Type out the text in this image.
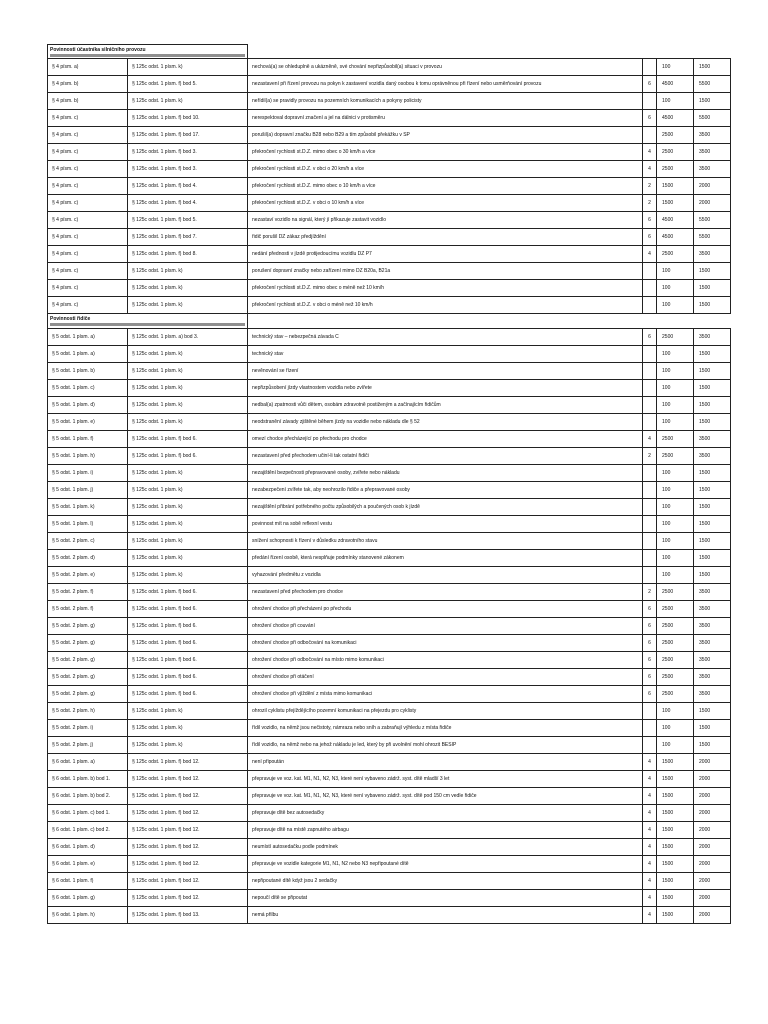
Povinnosti účastníka silničního provozu					

§ 4 písm. a)	§ 125c odst. 1 písm. k)	nechová(a) se ohleduplně a ukázněně, své chování nepřizpůsobil(a) situaci v provozu		100	1500
§ 4 písm. b)	§ 125c odst. 1 písm. f) bod 5.	nezastavení při řízení provozu na pokyn k zastavení vozidla daný osobou k tomu oprávněnou při řízení nebo usměrňování provozu	6	4500	5500
§ 4 písm. b)	§ 125c odst. 1 písm. k)	neřídil(a) se pravidly provozu na pozemních komunikacích a pokyny policisty		100	1500
§ 4 písm. c)	§ 125c odst. 1 písm. f) bod 10.	nerespektoval dopravní značení a jel na dálnici v protisměru	6	4500	5500
§ 4 písm. c)	§ 125c odst. 1 písm. f) bod 17.	porušil(a) dopravní značku B28 nebo B29 a tím způsobil překážku v SP		2500	3500
§ 4 písm. c)	§ 125c odst. 1 písm. f) bod 3.	překročení rychlosti st.D.Z. mimo obec o 30 km/h a více	4	2500	3500
§ 4 písm. c)	§ 125c odst. 1 písm. f) bod 3.	překročení rychlosti st.D.Z. v obci o 20 km/h a více	4	2500	3500
§ 4 písm. c)	§ 125c odst. 1 písm. f) bod 4.	překročení rychlosti st.D.Z. mimo obec o 10 km/h a více	2	1500	2000
§ 4 písm. c)	§ 125c odst. 1 písm. f) bod 4.	překročení rychlosti st.D.Z. v obci o 10 km/h a více	2	1500	2000
§ 4 písm. c)	§ 125c odst. 1 písm. f) bod 5.	nezastaví vozidlo na signál, který jí přikazuje zastavit vozidlo	6	4500	5500
§ 4 písm. c)	§ 125c odst. 1 písm. f) bod 7.	řidič porušil DZ zákaz předjíždění	6	4500	5500
§ 4 písm. c)	§ 125c odst. 1 písm. f) bod 8.	nedání přednosti v jízdě protijedoucímu vozidlu DZ P7	4	2500	3500
§ 4 písm. c)	§ 125c odst. 1 písm. k)	porušení dopravní značky nebo zařízení mimo DZ B20a, B21a		100	1500
§ 4 písm. c)	§ 125c odst. 1 písm. k)	překročení rychlosti st.D.Z. mimo obec o méně než 10 km/h		100	1500
§ 4 písm. c)	§ 125c odst. 1 písm. k)	překročení rychlosti st.D.Z. v obci o méně než 10 km/h		100	1500

Povinnosti řidiče					

§ 5 odst. 1 písm. a)	§ 125c odst. 1 písm. a) bod 3.	technický stav – nebezpečná závada C	6	2500	3500
§ 5 odst. 1 písm. a)	§ 125c odst. 1 písm. k)	technický stav		100	1500
§ 5 odst. 1 písm. b)	§ 125c odst. 1 písm. k)	nevěnování se řízení		100	1500
§ 5 odst. 1 písm. c)	§ 125c odst. 1 písm. k)	nepřizpůsobení jízdy vlastnostem vozidla nebo zvířete		100	1500
§ 5 odst. 1 písm. d)	§ 125c odst. 1 písm. k)	nedbal(a) zpatrnosti vůči dětem, osobám zdravotně postiženým a začínajícím řidičům		100	1500
§ 5 odst. 1 písm. e)	§ 125c odst. 1 písm. k)	neodstranění závady zjištěné během jízdy na vozidle nebo nákladu dle § 52		100	1500
§ 5 odst. 1 písm. f)	§ 125c odst. 1 písm. f) bod 6.	omezí chodce přecházející po přechodu pro chodce	4	2500	3500
§ 5 odst. 1 písm. h)	§ 125c odst. 1 písm. f) bod 6.	nezastavení před přechodem učiní-li tak ostatní řidiči	2	2500	3500
§ 5 odst. 1 písm. i)	§ 125c odst. 1 písm. k)	nezajištění bezpečnosti přepravované osoby, zvířete nebo nákladu		100	1500
§ 5 odst. 1 písm. j)	§ 125c odst. 1 písm. k)	nezabezpečení zvířete tak, aby neohrozilo řidiče a přepravované osoby		100	1500
§ 5 odst. 1 písm. k)	§ 125c odst. 1 písm. k)	nezajištění přibrání potřebného počtu způsobilých a poučených osob k jízdě		100	1500
§ 5 odst. 1 písm. l)	§ 125c odst. 1 písm. k)	povinnost mít na sobě reflexní vestu		100	1500
§ 5 odst. 2 písm. c)	§ 125c odst. 1 písm. k)	snížení schopnosti k řízení v důsledku zdravotního stavu		100	1500
§ 5 odst. 2 písm. d)	§ 125c odst. 1 písm. k)	předání řízení osobě, která nesplňuje podmínky stanovené zákonem		100	1500
§ 5 odst. 2 písm. e)	§ 125c odst. 1 písm. k)	vyhazování předmětu z vozidla		100	1500
§ 5 odst. 2 písm. f)	§ 125c odst. 1 písm. f) bod 6.	nezastavení před přechodem pro chodce	2	2500	3500
§ 5 odst. 2 písm. f)	§ 125c odst. 1 písm. f) bod 6.	ohrožení chodce při přecházení po přechodu	6	2500	3500
§ 5 odst. 2 písm. g)	§ 125c odst. 1 písm. f) bod 6.	ohrožení chodce při couvání	6	2500	3500
§ 5 odst. 2 písm. g)	§ 125c odst. 1 písm. f) bod 6.	ohrožení chodce při odbočování na komunikaci	6	2500	3500
§ 5 odst. 2 písm. g)	§ 125c odst. 1 písm. f) bod 6.	ohrožení chodce při odbočování na místo mimo komunikaci	6	2500	3500
§ 5 odst. 2 písm. g)	§ 125c odst. 1 písm. f) bod 6.	ohrožení chodce při otáčení	6	2500	3500
§ 5 odst. 2 písm. g)	§ 125c odst. 1 písm. f) bod 6.	ohrožení chodce při vjíždění z místa mimo komunikaci	6	2500	3500
§ 5 odst. 2 písm. h)	§ 125c odst. 1 písm. k)	ohrozil cyklistu přejíždějícího pozemní komunikaci na přejezdu pro cyklisty		100	1500
§ 5 odst. 2 písm. i)	§ 125c odst. 1 písm. k)	řídil vozidlo, na němž jsou nečistoty, námraza nebo sníh a zabraňují výhledu z místa řidiče		100	1500
§ 5 odst. 2 písm. j)	§ 125c odst. 1 písm. k)	řídil vozidlo, na němž nebo na jehož nákladu je led, který by při uvolnění mohl ohrozit BESIP		100	1500
§ 6 odst. 1 písm. a)	§ 125c odst. 1 písm. f) bod 12.	není připoután	4	1500	2000
§ 6 odst. 1 písm. b) bod 1.	§ 125c odst. 1 písm. f) bod 12.	přepravuje ve voz. kat. M1, N1, N2, N3, které není vybaveno zádrž. syst. dítě mladší 3 let	4	1500	2000
§ 6 odst. 1 písm. b) bod 2.	§ 125c odst. 1 písm. f) bod 12.	přepravuje ve voz. kat. M1, N1, N2, N3, které není vybaveno zádrž. syst. dítě pod 150 cm vedle řidiče	4	1500	2000
§ 6 odst. 1 písm. c) bod 1.	§ 125c odst. 1 písm. f) bod 12.	přepravuje dítě bez autosedačky	4	1500	2000
§ 6 odst. 1 písm. c) bod 2.	§ 125c odst. 1 písm. f) bod 12.	přepravuje dítě na místě zapnutého airbagu	4	1500	2000
§ 6 odst. 1 písm. d)	§ 125c odst. 1 písm. f) bod 12.	neumístí autosedačku podle podmínek	4	1500	2000
§ 6 odst. 1 písm. e)	§ 125c odst. 1 písm. f) bod 12.	přepravuje ve vozidle kategorie M1, N1, N2 nebo N3 nepřipoutané dítě	4	1500	2000
§ 6 odst. 1 písm. f)	§ 125c odst. 1 písm. f) bod 12.	nepřipoutané dítě když jsou 2 sedačky	4	1500	2000
§ 6 odst. 1 písm. g)	§ 125c odst. 1 písm. f) bod 12.	nepoučí dítě se připoutat	4	1500	2000
§ 6 odst. 1 písm. h)	§ 125c odst. 1 písm. f) bod 13.	nemá přilbu	4	1500	2000
